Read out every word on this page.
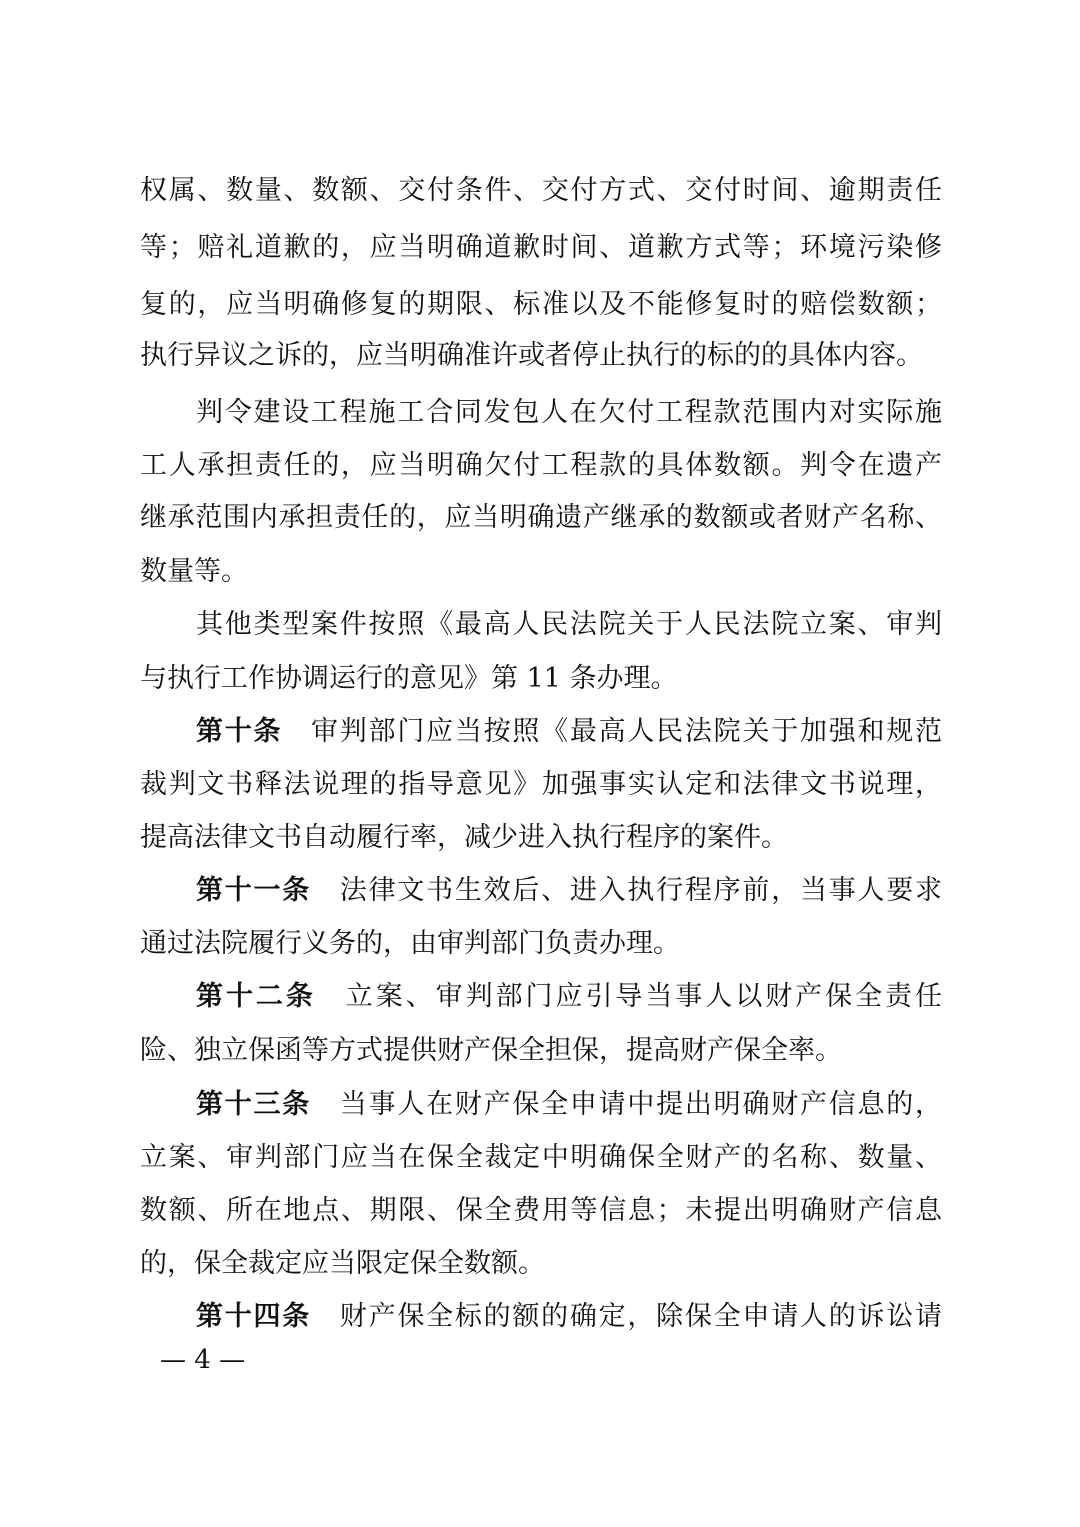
权属、数量、数额、交付条件、交付方式、交付时间、逾期责任
等；赔礼道歉的，应当明确道歉时间、道歉方式等；环境污染修
复的，应当明确修复的期限、标准以及不能修复时的赔偿数额；
执行异议之诉的，应当明确准许或者停止执行的标的的具体内容。
判令建设工程施工合同发包人在欠付工程款范围内对实际施
工人承担责任的，应当明确欠付工程款的具体数额。判令在遗产
继承范围内承担责任的，应当明确遗产继承的数额或者财产名称、
数量等。
其他类型案件按照《最高人民法院关于人民法院立案、审判
与执行工作协调运行的意见》第 11 条办理。
第十条　审判部门应当按照《最高人民法院关于加强和规范
裁判文书释法说理的指导意见》加强事实认定和法律文书说理，
提高法律文书自动履行率，减少进入执行程序的案件。
第十一条　法律文书生效后、进入执行程序前，当事人要求
通过法院履行义务的，由审判部门负责办理。
第十二条　立案、审判部门应引导当事人以财产保全责任
险、独立保函等方式提供财产保全担保，提高财产保全率。
第十三条　当事人在财产保全申请中提出明确财产信息的，
立案、审判部门应当在保全裁定中明确保全财产的名称、数量、
数额、所在地点、期限、保全费用等信息；未提出明确财产信息
的，保全裁定应当限定保全数额。
第十四条　财产保全标的额的确定，除保全申请人的诉讼请
— 4 —
